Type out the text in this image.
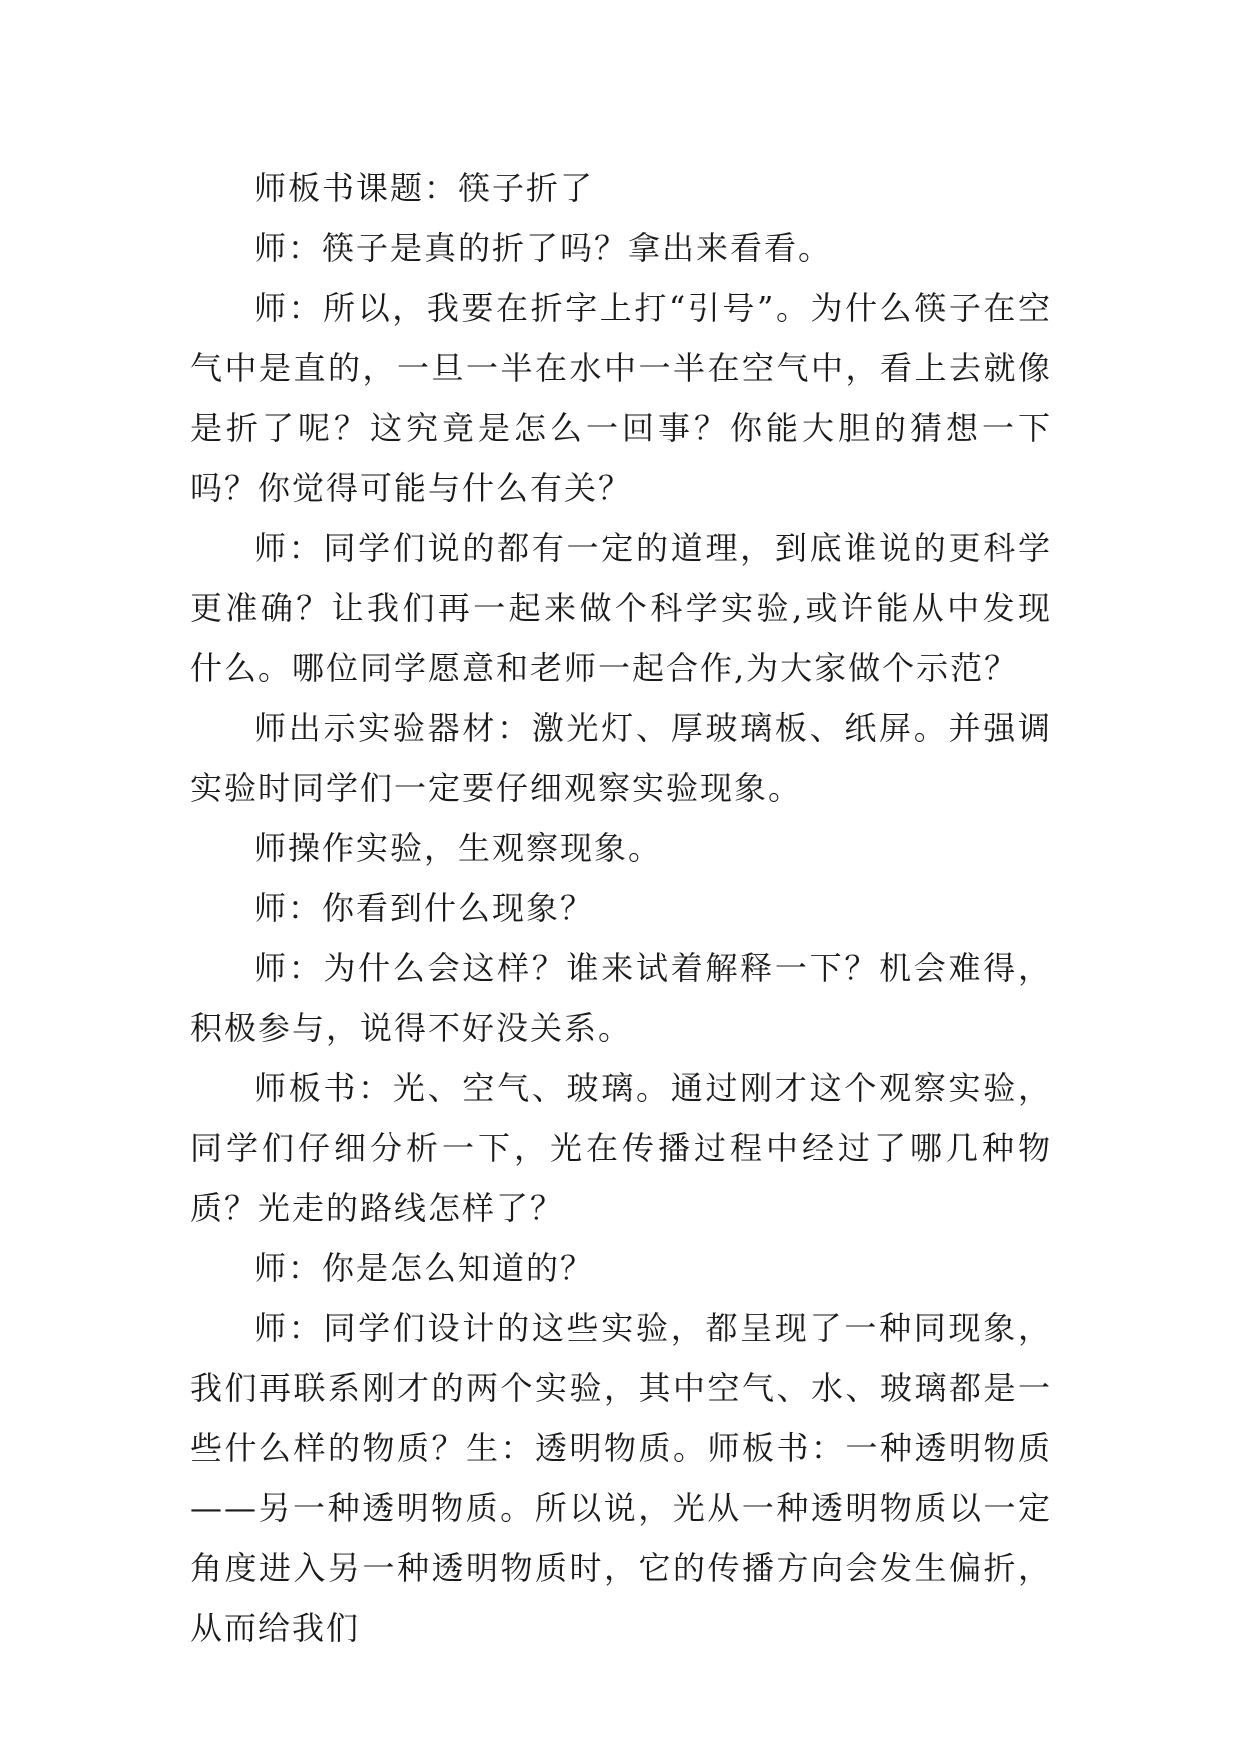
师板书课题：筷子折了

师：筷子是真的折了吗？拿出来看看。

师：所以，我要在折字上打“引号”。为什么筷子在空气中是直的，一旦一半在水中一半在空气中，看上去就像是折了呢？这究竟是怎么一回事？你能大胆的猜想一下吗？你觉得可能与什么有关？

师：同学们说的都有一定的道理，到底谁说的更科学更准确？让我们再一起来做个科学实验,或许能从中发现什么。哪位同学愿意和老师一起合作,为大家做个示范？

师出示实验器材：激光灯、厚玻璃板、纸屏。并强调实验时同学们一定要仔细观察实验现象。

师操作实验，生观察现象。

师：你看到什么现象？

师：为什么会这样？谁来试着解释一下？机会难得，积极参与，说得不好没关系。

师板书：光、空气、玻璃。通过刚才这个观察实验，同学们仔细分析一下，光在传播过程中经过了哪几种物质？光走的路线怎样了？

师：你是怎么知道的？

师：同学们设计的这些实验，都呈现了一种同现象，我们再联系刚才的两个实验，其中空气、水、玻璃都是一些什么样的物质？生：透明物质。师板书：一种透明物质——另一种透明物质。所以说，光从一种透明物质以一定角度进入另一种透明物质时，它的传播方向会发生偏折，从而给我们
